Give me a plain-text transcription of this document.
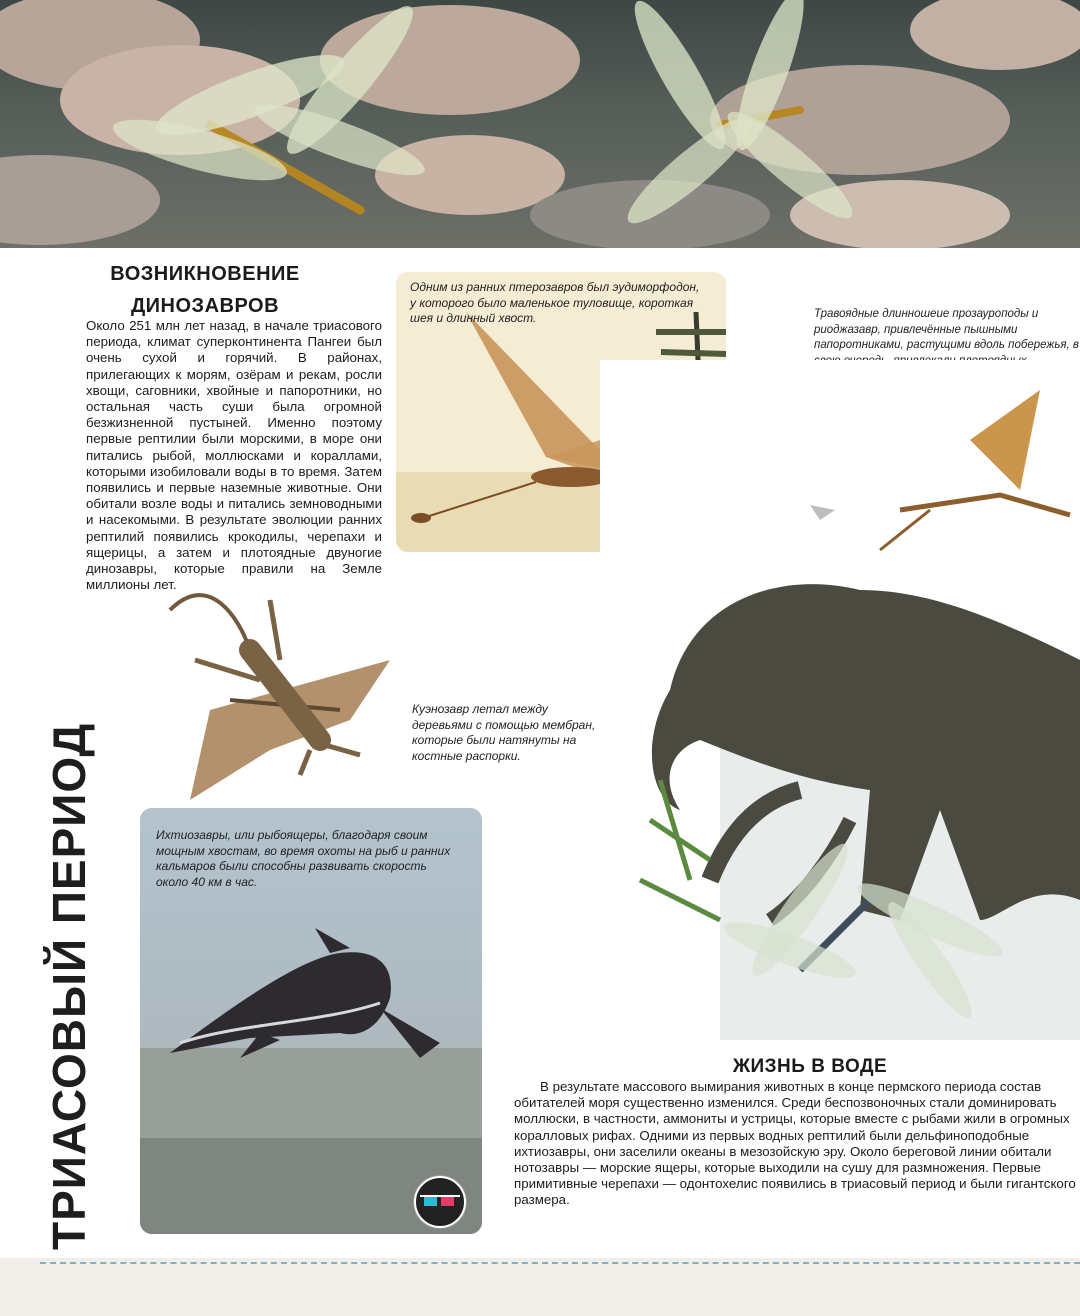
ВОЗНИКНОВЕНИЕ
ДИНОЗАВРОВ
Около 251 млн лет назад, в начале триасового периода, климат суперконтинента Пангеи был очень сухой и горячий. В районах, прилегающих к морям, озёрам и рекам, росли хвощи, саговники, хвойные и папоротники, но остальная часть суши была огромной безжизненной пустыней. Именно поэтому первые рептилии были морскими, в море они питались рыбой, моллюсками и кораллами, которыми изобиловали воды в то время. Затем появились и первые наземные животные. Они обитали возле воды и питались земноводными и насекомыми. В результате эволюции ранних рептилий появились крокодилы, черепахи и ящерицы, а затем и плотоядные двуногие динозавры, которые правили на Земле миллионы лет.
Одним из ранних птерозавров был эудиморфодон, у которого было маленькое туловище, короткая шея и длинный хвост.	Травоядные длинношеие прозауроподы и риоджазавр, привлечённые пышными папоротниками, растущими вдоль побережья, в
Куэнозавр летал между деревьями с помощью мембран, которые были натянуты на костные распорки.
Ихтиозавры, или рыбоящеры, благодаря своим мощным хвостам, во время охоты на рыб и ранних кальмаров были способны развивать скорость около 40 км в час.
ТРИАСОВЫЙ ПЕРИОД	ЖИЗНЬ В ВОДЕ

В результате массового вымирания животных в конце пермского периода состав

обитателей моря существенно изменился. Среди беспозвоночных стали доминировать

моллюски, в частности, аммониты и устрицы, которые вместе с рыбами жили в огромных

коралловых рифах. Одними из первых водных рептилий были дельфиноподобные

ихтиозавры, они заселили океаны в мезозойскую эру. Около береговой линии обитали

нотозавры — морские ящеры, которые выходили на сушу для размножения. Первые

примитивные черепахи — одонтохелис появились в триасовый период и были гигантского

размера.
